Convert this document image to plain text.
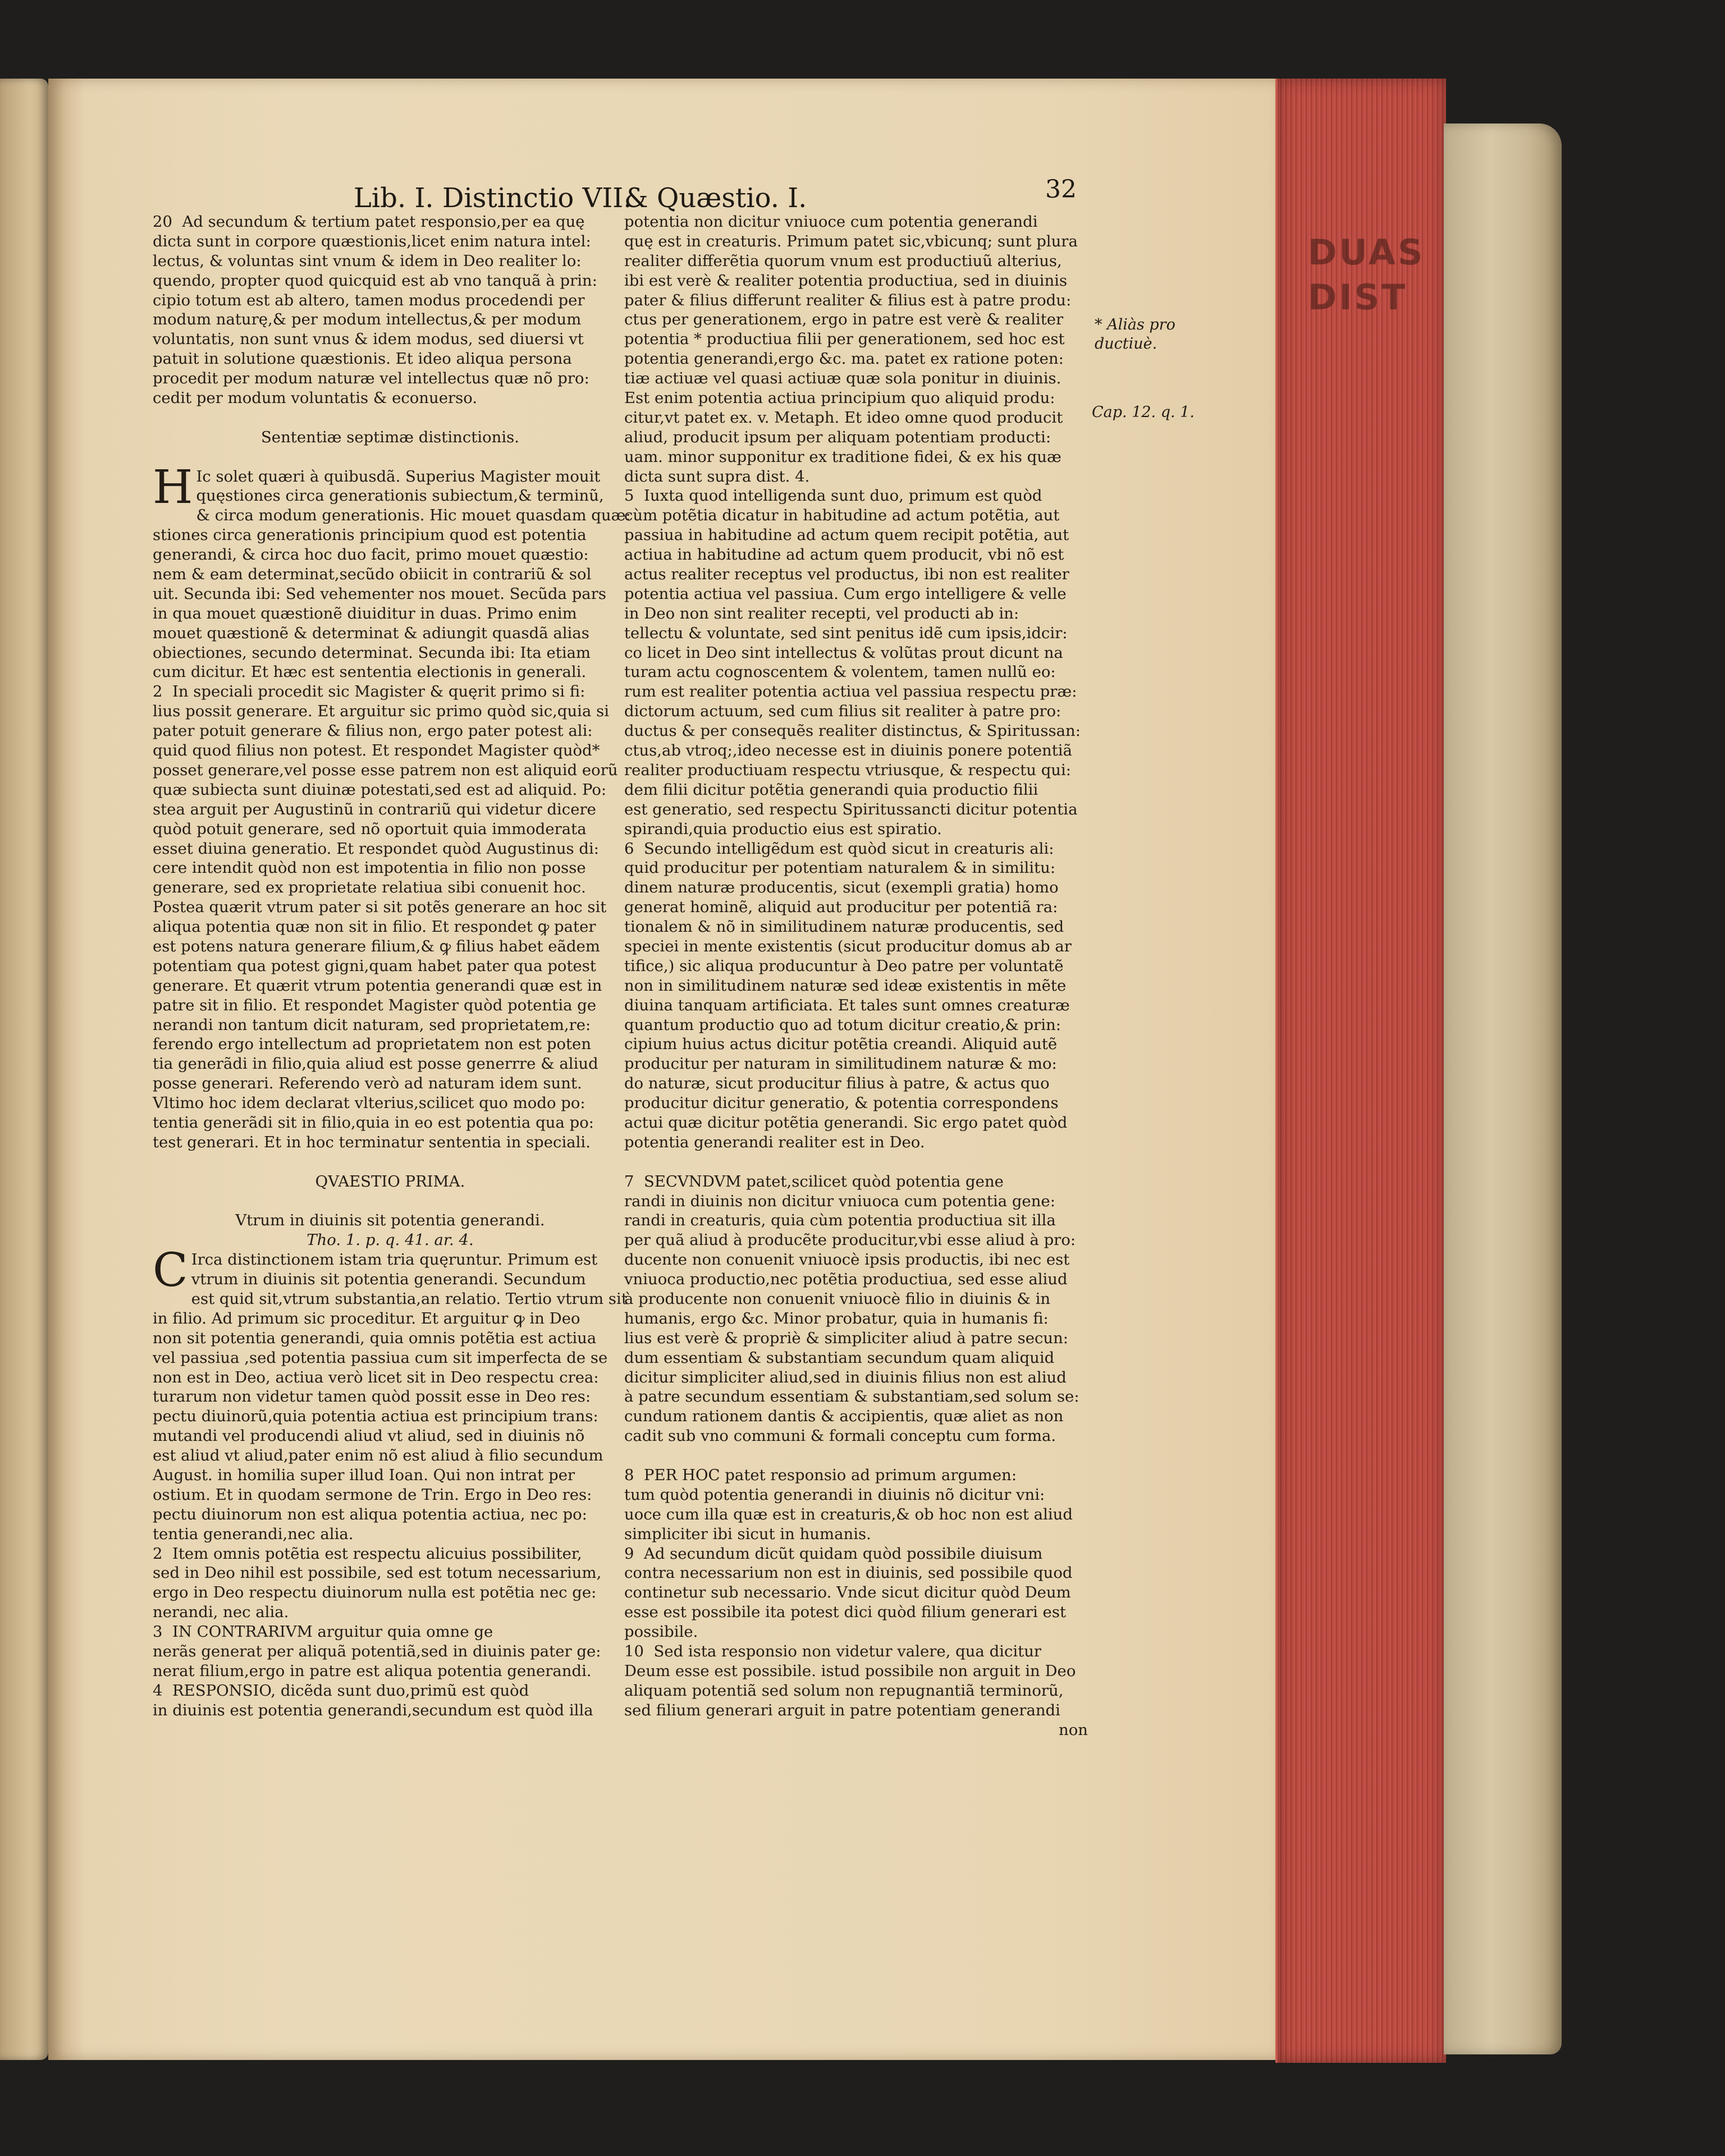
DUAS
DIST
Lib. I. Distinctio VII.
& Quæstio. I.	32
20  Ad secundum & tertium patet responsio,per ea quę
dicta sunt in corpore quæstionis,licet enim natura intel:
lectus, & voluntas sint vnum & idem in Deo realiter lo:
quendo, propter quod quicquid est ab vno tanquã à prin:
cipio totum est ab altero, tamen modus procedendi per
modum naturę,& per modum intellectus,& per modum
voluntatis, non sunt vnus & idem modus, sed diuersi vt
patuit in solutione quæstionis. Et ideo aliqua persona
procedit per modum naturæ vel intellectus quæ nõ pro:
cedit per modum voluntatis & econuerso.
Sententiæ septimæ distinctionis.
H Ic solet quæri à quibusdã. Superius Magister mouit
quęstiones circa generationis subiectum,& terminũ,
& circa modum generationis. Hic mouet quasdam quæ:
stiones circa generationis principium quod est potentia
generandi, & circa hoc duo facit, primo mouet quæstio:
nem & eam determinat,secũdo obiicit in contrariũ & sol
uit. Secunda ibi: Sed vehementer nos mouet. Secũda pars
in qua mouet quæstionẽ diuiditur in duas. Primo enim
mouet quæstionẽ & determinat & adiungit quasdã alias
obiectiones, secundo determinat. Secunda ibi: Ita etiam
cum dicitur. Et hæc est sententia electionis in generali.
2  In speciali procedit sic Magister & quęrit primo si fi:
lius possit generare. Et arguitur sic primo quòd sic,quia si
pater potuit generare & filius non, ergo pater potest ali:
quid quod filius non potest. Et respondet Magister quòd*
posset generare,vel posse esse patrem non est aliquid eorũ
quæ subiecta sunt diuinæ potestati,sed est ad aliquid. Po:
stea arguit per Augustinũ in contrariũ qui videtur dicere
quòd potuit generare, sed nõ oportuit quia immoderata
esset diuina generatio. Et respondet quòd Augustinus di:
cere intendit quòd non est impotentia in filio non posse
generare, sed ex proprietate relatiua sibi conuenit hoc.
Postea quærit vtrum pater si sit potẽs generare an hoc sit
aliqua potentia quæ non sit in filio. Et respondet ꝙ pater
est potens natura generare filium,& ꝙ filius habet eãdem
potentiam qua potest gigni,quam habet pater qua potest
generare. Et quærit vtrum potentia generandi quæ est in
patre sit in filio. Et respondet Magister quòd potentia ge
nerandi non tantum dicit naturam, sed proprietatem,re:
ferendo ergo intellectum ad proprietatem non est poten
tia generãdi in filio,quia aliud est posse generrre & aliud
posse generari. Referendo verò ad naturam idem sunt.
Vltimo hoc idem declarat vlterius,scilicet quo modo po:
tentia generãdi sit in filio,quia in eo est potentia qua po:
test generari. Et in hoc terminatur sententia in speciali.
QVAESTIO PRIMA.
Vtrum in diuinis sit potentia generandi.
Tho. 1. p. q. 41. ar. 4.
C Irca distinctionem istam tria quęruntur. Primum est
vtrum in diuinis sit potentia generandi. Secundum
est quid sit,vtrum substantia,an relatio. Tertio vtrum sit
in filio. Ad primum sic proceditur. Et arguitur ꝙ in Deo
non sit potentia generandi, quia omnis potẽtia est actiua
vel passiua ,sed potentia passiua cum sit imperfecta de se
non est in Deo, actiua verò licet sit in Deo respectu crea:
turarum non videtur tamen quòd possit esse in Deo res:
pectu diuinorũ,quia potentia actiua est principium trans:
mutandi vel producendi aliud vt aliud, sed in diuinis nõ
est aliud vt aliud,pater enim nõ est aliud à filio secundum
August. in homilia super illud Ioan. Qui non intrat per
ostium. Et in quodam sermone de Trin. Ergo in Deo res:
pectu diuinorum non est aliqua potentia actiua, nec po:
tentia generandi,nec alia.
2  Item omnis potẽtia est respectu alicuius possibiliter,
sed in Deo nihil est possibile, sed est totum necessarium,
ergo in Deo respectu diuinorum nulla est potẽtia nec ge:
nerandi, nec alia.
3  IN CONTRARIVM arguitur quia omne ge
nerãs generat per aliquã potentiã,sed in diuinis pater ge:
nerat filium,ergo in patre est aliqua potentia generandi.
4  RESPONSIO, dicẽda sunt duo,primũ est quòd
in diuinis est potentia generandi,secundum est quòd illa
potentia non dicitur vniuoce cum potentia generandi
quę est in creaturis. Primum patet sic,vbicunq; sunt plura
realiter differẽtia quorum vnum est productiuũ alterius,
ibi est verè & realiter potentia productiua, sed in diuinis
pater & filius differunt realiter & filius est à patre produ:
ctus per generationem, ergo in patre est verè & realiter
potentia * productiua filii per generationem, sed hoc est
potentia generandi,ergo &c. ma. patet ex ratione poten:
tiæ actiuæ vel quasi actiuæ quæ sola ponitur in diuinis.
Est enim potentia actiua principium quo aliquid produ:
citur,vt patet ex. v. Metaph. Et ideo omne quod producit
aliud, producit ipsum per aliquam potentiam producti:
uam. minor supponitur ex traditione fidei, & ex his quæ
dicta sunt supra dist. 4.
5  Iuxta quod intelligenda sunt duo, primum est quòd
cùm potẽtia dicatur in habitudine ad actum potẽtia, aut
passiua in habitudine ad actum quem recipit potẽtia, aut
actiua in habitudine ad actum quem producit, vbi nõ est
actus realiter receptus vel productus, ibi non est realiter
potentia actiua vel passiua. Cum ergo intelligere & velle
in Deo non sint realiter recepti, vel producti ab in:
tellectu & voluntate, sed sint penitus idẽ cum ipsis,idcir:
co licet in Deo sint intellectus & volũtas prout dicunt na
turam actu cognoscentem & volentem, tamen nullũ eo:
rum est realiter potentia actiua vel passiua respectu præ:
dictorum actuum, sed cum filius sit realiter à patre pro:
ductus & per consequẽs realiter distinctus, & Spiritussan:
ctus,ab vtroq;,ideo necesse est in diuinis ponere potentiã
realiter productiuam respectu vtriusque, & respectu qui:
dem filii dicitur potẽtia generandi quia productio filii
est generatio, sed respectu Spiritussancti dicitur potentia
spirandi,quia productio eius est spiratio.
6  Secundo intelligẽdum est quòd sicut in creaturis ali:
quid producitur per potentiam naturalem & in similitu:
dinem naturæ producentis, sicut (exempli gratia) homo
generat hominẽ, aliquid aut producitur per potentiã ra:
tionalem & nõ in similitudinem naturæ producentis, sed
speciei in mente existentis (sicut producitur domus ab ar
tifice,) sic aliqua producuntur à Deo patre per voluntatẽ
non in similitudinem naturæ sed ideæ existentis in mẽte
diuina tanquam artificiata. Et tales sunt omnes creaturæ
quantum productio quo ad totum dicitur creatio,& prin:
cipium huius actus dicitur potẽtia creandi. Aliquid autẽ
producitur per naturam in similitudinem naturæ & mo:
do naturæ, sicut producitur filius à patre, & actus quo
producitur dicitur generatio, & potentia correspondens
actui quæ dicitur potẽtia generandi. Sic ergo patet quòd
potentia generandi realiter est in Deo.
7  SECVNDVM patet,scilicet quòd potentia gene
randi in diuinis non dicitur vniuoca cum potentia gene:
randi in creaturis, quia cùm potentia productiua sit illa
per quã aliud à producẽte producitur,vbi esse aliud à pro:
ducente non conuenit vniuocè ipsis productis, ibi nec est
vniuoca productio,nec potẽtia productiua, sed esse aliud
à producente non conuenit vniuocè filio in diuinis & in
humanis, ergo &c. Minor probatur, quia in humanis fi:
lius est verè & propriè & simpliciter aliud à patre secun:
dum essentiam & substantiam secundum quam aliquid
dicitur simpliciter aliud,sed in diuinis filius non est aliud
à patre secundum essentiam & substantiam,sed solum se:
cundum rationem dantis & accipientis, quæ aliet as non
cadit sub vno communi & formali conceptu cum forma.
8  PER HOC patet responsio ad primum argumen:
tum quòd potentia generandi in diuinis nõ dicitur vni:
uoce cum illa quæ est in creaturis,& ob hoc non est aliud
simpliciter ibi sicut in humanis.
9  Ad secundum dicũt quidam quòd possibile diuisum
contra necessarium non est in diuinis, sed possibile quod
continetur sub necessario. Vnde sicut dicitur quòd Deum
esse est possibile ita potest dici quòd filium generari est
possibile.
10  Sed ista responsio non videtur valere, qua dicitur
Deum esse est possibile. istud possibile non arguit in Deo
aliquam potentiã sed solum non repugnantiã terminorũ,
sed filium generari arguit in patre potentiam generandi
non
* Aliàs pro
ductiuè.
Cap. 12. q. 1.
